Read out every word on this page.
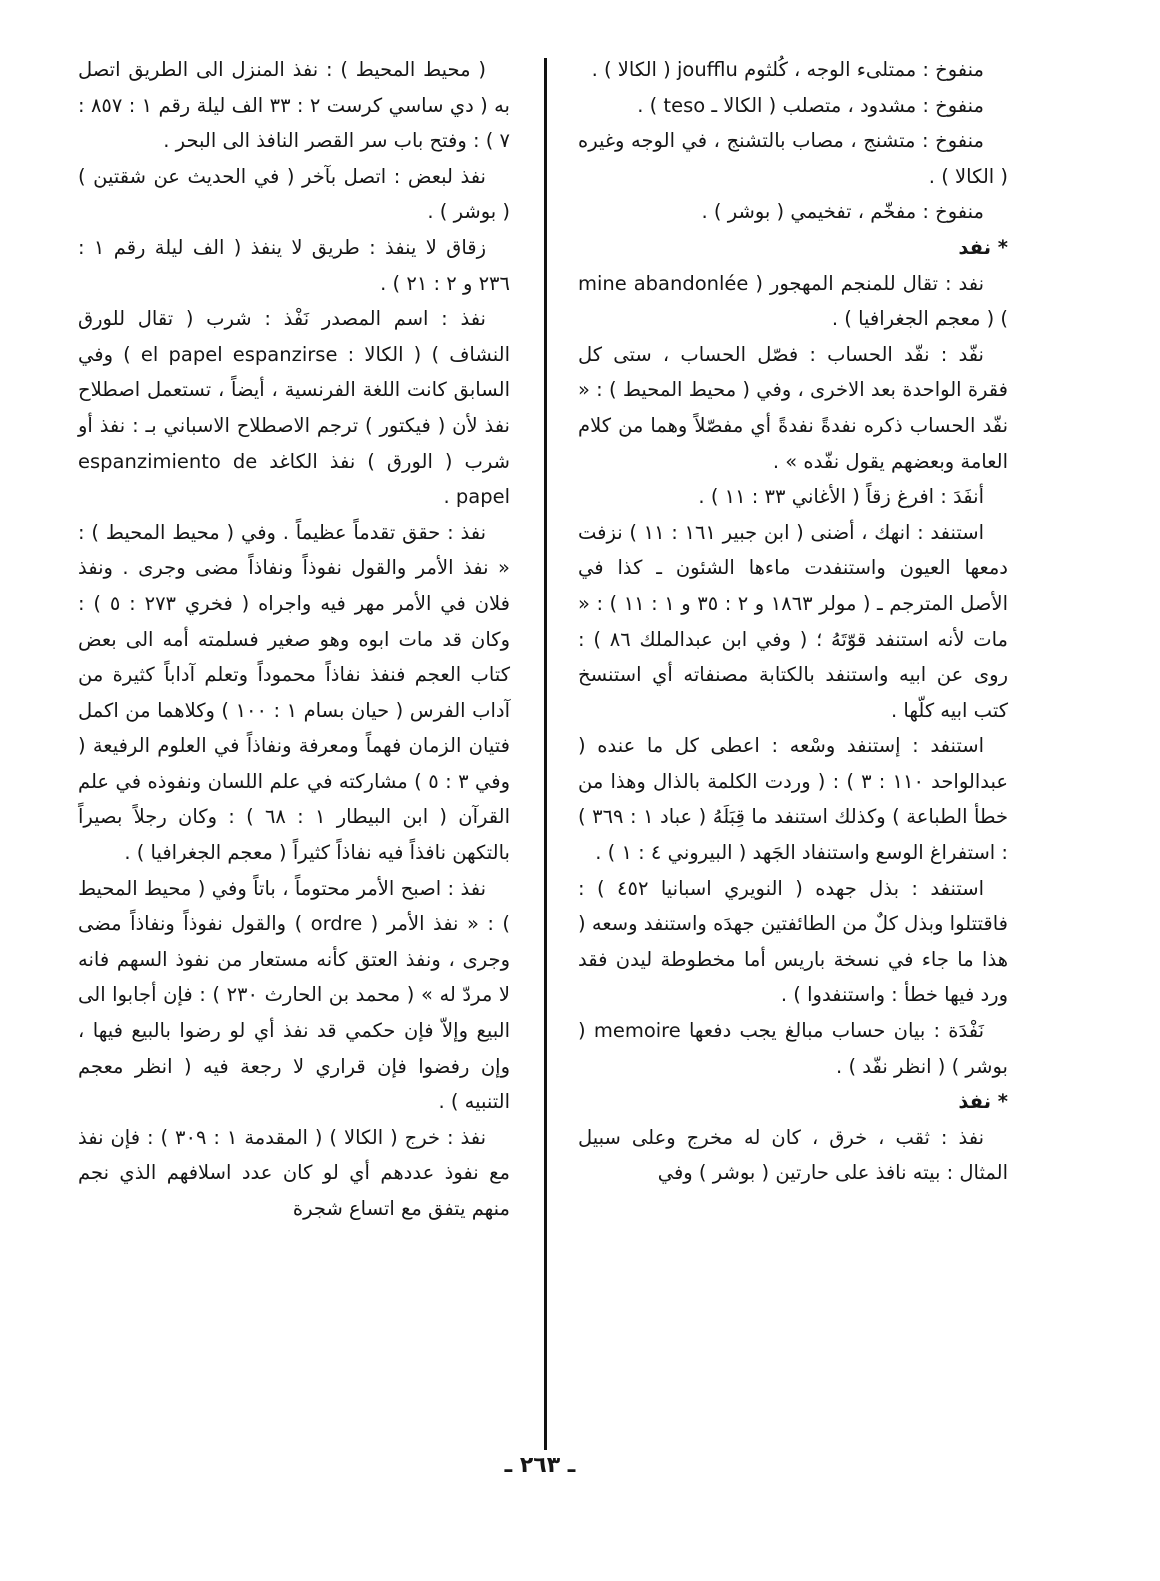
منفوخ : ممتلىء الوجه ، كُلثوم joufflu ( الكالا ) .

منفوخ : مشدود ، متصلب ( الكالا ـ teso ) .

منفوخ : متشنج ، مصاب بالتشنج ، في الوجه وغيره ( الكالا ) .

منفوخ : مفخّم ، تفخيمي ( بوشر ) .

* نفد

نفد : تقال للمنجم المهجور ( mine abandonlée ) ( معجم الجغرافيا ) .

نفّد : نفّد الحساب : فصّل الحساب ، ستى كل فقرة الواحدة بعد الاخرى ، وفي ( محيط المحيط ) : « نفّد الحساب ذكره نفدةً نفدةً أي مفصّلاً وهما من كلام العامة وبعضهم يقول نفّده » .

أنفَدَ : افرغ زقاً ( الأغاني ٣٣ : ١١ ) .

استنفد : انهك ، أضنى ( ابن جبير ١٦١ : ١١ ) نزفت دمعها العيون واستنفدت ماءها الشئون ـ كذا في الأصل المترجم ـ ( مولر ١٨٦٣ و ٢ : ٣٥ و ١ : ١١ ) : « مات لأنه استنفد قوّتَهُ ؛ ( وفي ابن عبدالملك ٨٦ ) : روى عن ابيه واستنفد بالكتابة مصنفاته أي استنسخ كتب ابيه كلّها .

استنفد : إستنفد وسْعه : اعطى كل ما عنده ( عبدالواحد ١١٠ : ٣ ) : ( وردت الكلمة بالذال وهذا من خطأ الطباعة ) وكذلك استنفد ما قِبَلَهُ ( عباد ١ : ٣٦٩ ) : استفراغ الوسع واستنفاد الجَهد ( البيروني ٤ : ١ ) .

استنفد : بذل جهده ( النويري اسبانيا ٤٥٢ ) : فاقتتلوا وبذل كلٌ من الطائفتين جهدَه واستنفد وسعه ( هذا ما جاء في نسخة باريس أما مخطوطة ليدن فقد ورد فيها خطأ : واستنفدوا ) .

نَفْدَة : بيان حساب مبالغ يجب دفعها memoire ( بوشر ) ( انظر نفّد ) .

* نفذ

نفذ : ثقب ، خرق ، كان له مخرج وعلى سبيل المثال : بيته نافذ على حارتين ( بوشر ) وفي

( محيط المحيط ) : نفذ المنزل الى الطريق اتصل به ( دي ساسي كرست ٢ : ٣٣ الف ليلة رقم ١ : ٨٥٧ : ٧ ) : وفتح باب سر القصر النافذ الى البحر .

نفذ لبعض : اتصل بآخر ( في الحديث عن شقتين ) ( بوشر ) .

زقاق لا ينفذ : طريق لا ينفذ ( الف ليلة رقم ١ : ٢٣٦ و ٢ : ٢١ ) .

نفذ : اسم المصدر نَفْذ : شرب ( تقال للورق النشاف ) ( الكالا : el papel espanzirse ) وفي السابق كانت اللغة الفرنسية ، أيضاً ، تستعمل اصطلاح نفذ لأن ( فيكتور ) ترجم الاصطلاح الاسباني بـ : نفذ أو شرب ( الورق ) نفذ الكاغد espanzimiento de papel .

نفذ : حقق تقدماً عظيماً . وفي ( محيط المحيط ) : « نفذ الأمر والقول نفوذاً ونفاذاً مضى وجرى . ونفذ فلان في الأمر مهر فيه واجراه ( فخري ٢٧٣ : ٥ ) : وكان قد مات ابوه وهو صغير فسلمته أمه الى بعض كتاب العجم فنفذ نفاذاً محموداً وتعلم آداباً كثيرة من آداب الفرس ( حيان بسام ١ : ١٠٠ ) وكلاهما من اكمل فتيان الزمان فهماً ومعرفة ونفاذاً في العلوم الرفيعة ( وفي ٣ : ٥ ) مشاركته في علم اللسان ونفوذه في علم القرآن ( ابن البيطار ١ : ٦٨ ) : وكان رجلاً بصيراً بالتكهن نافذاً فيه نفاذاً كثيراً ( معجم الجغرافيا ) .

نفذ : اصبح الأمر محتوماً ، باتاً وفي ( محيط المحيط ) : « نفذ الأمر ( ordre ) والقول نفوذاً ونفاذاً مضى وجرى ، ونفذ العتق كأنه مستعار من نفوذ السهم فانه لا مردّ له » ( محمد بن الحارث ٢٣٠ ) : فإن أجابوا الى البيع وإلاّ فإن حكمي قد نفذ أي لو رضوا بالبيع فيها ، وإن رفضوا فإن قراري لا رجعة فيه ( انظر معجم التنبيه ) .

نفذ : خرج ( الكالا ) ( المقدمة ١ : ٣٠٩ ) : فإن نفذ مع نفوذ عددهم أي لو كان عدد اسلافهم الذي نجم منهم يتفق مع اتساع شجرة

ـ ٢٦٣ ـ
